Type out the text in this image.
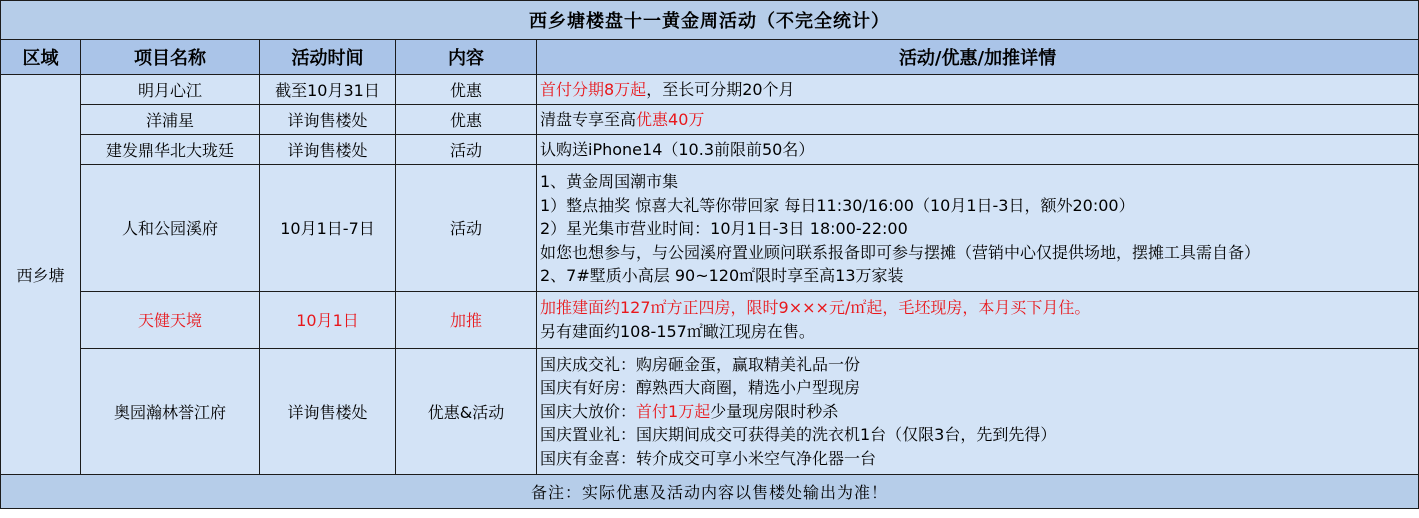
西乡塘楼盘十一黄金周活动（不完全统计）				
区域	项目名称	活动时间	内容	活动/优惠/加推详情
西乡塘	明月心江	截至10月31日	优惠	首付分期8万起，至长可分期20个月

	洋浦星	详询售楼处	优惠	清盘专享至高优惠40万

	建发鼎华北大珑廷	详询售楼处	活动	认购送iPhone14（10.3前限前50名）

	人和公园溪府	10月1日-7日	活动	1、黄金周国潮市集
1）整点抽奖 惊喜大礼等你带回家 每日11:30/16:00（10月1日-3日，额外20:00）
2）星光集市营业时间：10月1日-3日 18:00-22:00
如您也想参与，与公园溪府置业顾问联系报备即可参与摆摊（营销中心仅提供场地，摆摊工具需自备）
2、7#墅质小高层 90~120㎡限时享至高13万家装

	天健天境	10月1日	加推	加推建面约127㎡方正四房，限时9×××元/㎡起，毛坯现房，本月买下月住。
另有建面约108-157㎡瞰江现房在售。

	奥园瀚林誉江府	详询售楼处	优惠&活动	国庆成交礼：购房砸金蛋，赢取精美礼品一份
国庆有好房：醇熟西大商圈，精选小户型现房
国庆大放价：首付1万起少量现房限时秒杀
国庆置业礼：国庆期间成交可获得美的洗衣机1台（仅限3台，先到先得）
国庆有金喜：转介成交可享小米空气净化器一台

备注：实际优惠及活动内容以售楼处输出为准！				
